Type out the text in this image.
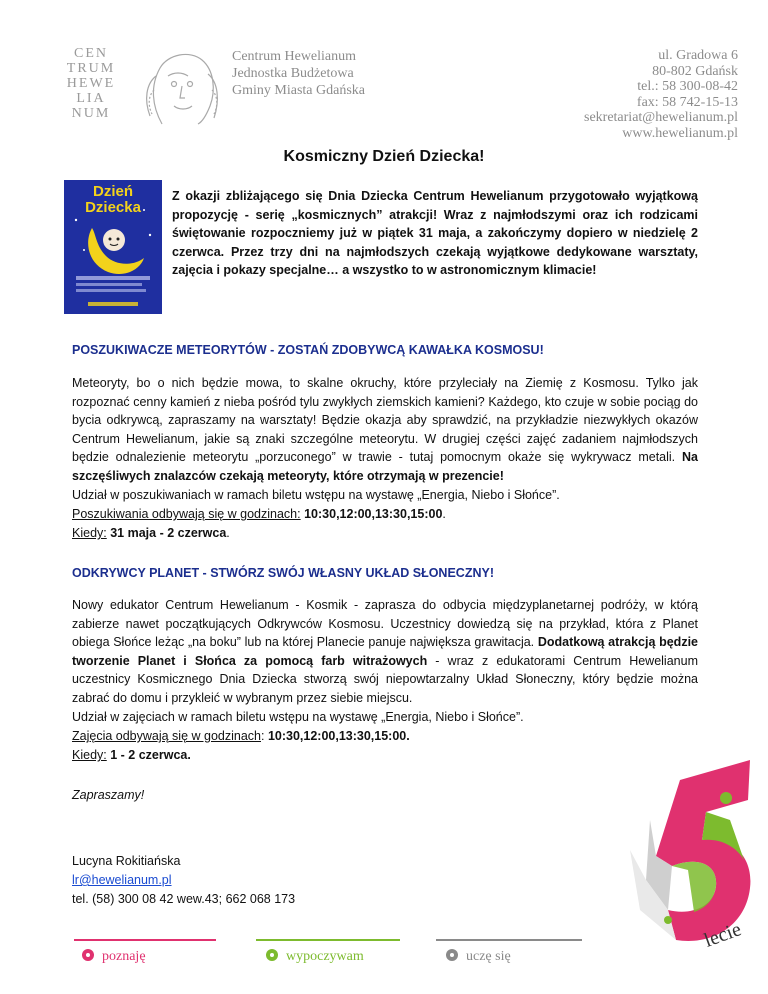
CEN
TRUM
HEWE
LIA
NUM
Centrum Hewelianum
Jednostka Budżetowa
Gminy Miasta Gdańska
ul. Gradowa 6
80-802 Gdańsk
tel.: 58 300-08-42
fax: 58 742-15-13
sekretariat@hewelianum.pl
www.hewelianum.pl
Kosmiczny Dzień Dziecka!
Dzień
Dziecka
Z okazji zbliżającego się Dnia Dziecka Centrum Hewelianum przygotowało wyjątkową propozycję - serię „kosmicznych” atrakcji! Wraz z najmłodszymi oraz ich rodzicami świętowanie rozpoczniemy już w piątek 31 maja, a zakończymy dopiero w niedzielę 2 czerwca. Przez trzy dni na najmłodszych czekają wyjątkowe dedykowane warsztaty, zajęcia i pokazy specjalne… a wszystko to w astronomicznym klimacie!
POSZUKIWACZE METEORYTÓW - ZOSTAŃ ZDOBYWCĄ KAWAŁKA KOSMOSU!
Meteoryty, bo o nich będzie mowa, to skalne okruchy, które przyleciały na Ziemię z Kosmosu. Tylko jak rozpoznać cenny kamień z nieba pośród tylu zwykłych ziemskich kamieni? Każdego, kto czuje w sobie pociąg do bycia odkrywcą, zapraszamy na warsztaty! Będzie okazja aby sprawdzić, na przykładzie niezwykłych okazów Centrum Hewelianum, jakie są znaki szczególne meteorytu. W drugiej części zajęć zadaniem najmłodszych będzie odnalezienie meteorytu „porzuconego” w trawie - tutaj pomocnym okaże się wykrywacz metali. Na szczęśliwych znalazców czekają meteoryty, które otrzymają w prezencie!
Udział w poszukiwaniach w ramach biletu wstępu na wystawę „Energia, Niebo i Słońce”.
Poszukiwania odbywają się w godzinach: 10:30,12:00,13:30,15:00.
Kiedy: 31 maja - 2 czerwca.
ODKRYWCY PLANET - STWÓRZ SWÓJ WŁASNY UKŁAD SŁONECZNY!
Nowy edukator Centrum Hewelianum - Kosmik - zaprasza do odbycia międzyplanetarnej podróży, w którą zabierze nawet początkujących Odkrywców Kosmosu. Uczestnicy dowiedzą się na przykład, która z Planet obiega Słońce leżąc „na boku” lub na której Planecie panuje największa grawitacja. Dodatkową atrakcją będzie tworzenie Planet i Słońca za pomocą farb witrażowych - wraz z edukatorami Centrum Hewelianum uczestnicy Kosmicznego Dnia Dziecka stworzą swój niepowtarzalny Układ Słoneczny, który będzie można zabrać do domu i przykleić w wybranym przez siebie miejscu.
Udział w zajęciach w ramach biletu wstępu na wystawę „Energia, Niebo i Słońce”.
Zajęcia odbywają się w godzinach: 10:30,12:00,13:30,15:00.
Kiedy: 1 - 2 czerwca.
Zapraszamy!
Lucyna Rokitiańska
lr@hewelianum.pl
tel. (58) 300 08 42 wew.43; 662 068 173
lecie
poznaję	wypoczywam	uczę się
